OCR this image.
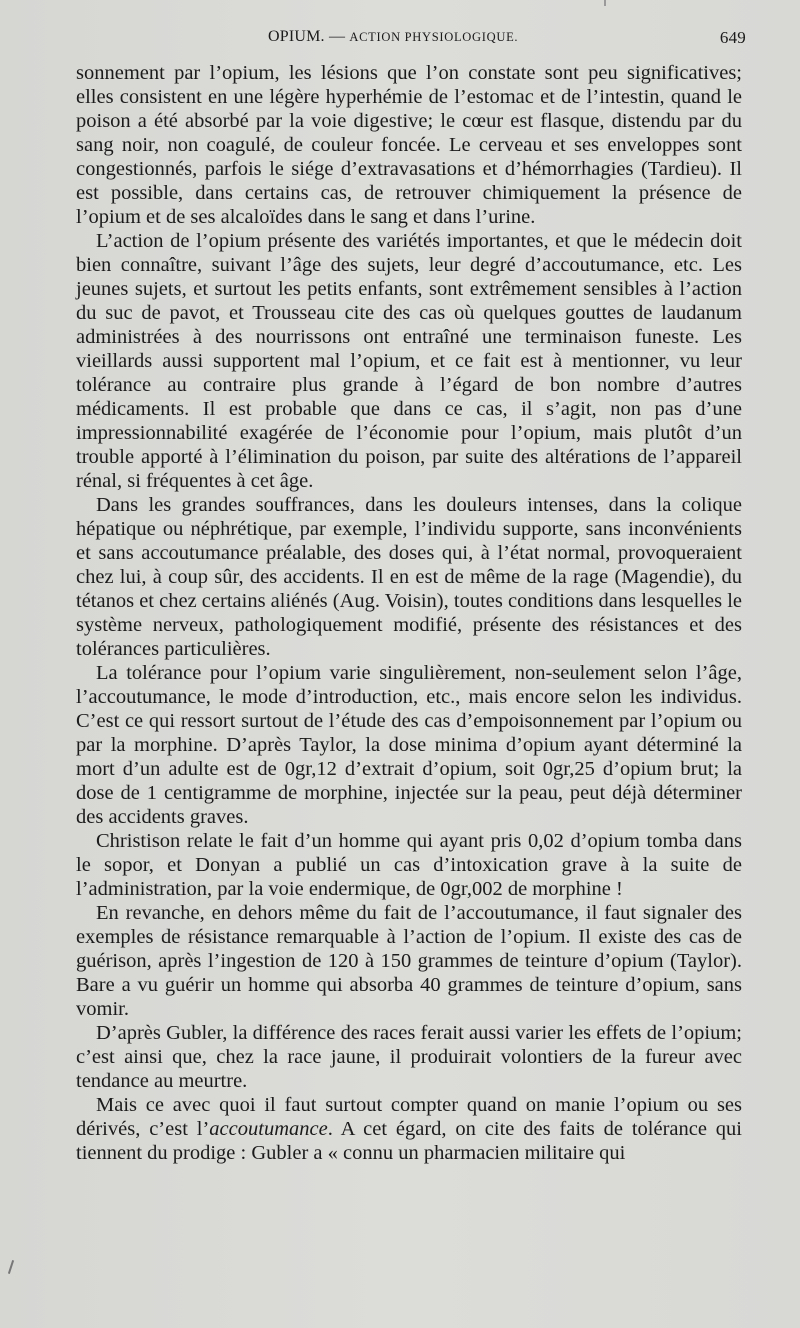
OPIUM. — ACTION PHYSIOLOGIQUE.	649

sonnement par l’opium, les lésions que l’on constate sont peu significatives; elles consistent en une légère hyperhémie de l’estomac et de l’intestin, quand le poison a été absorbé par la voie digestive; le cœur est flasque, distendu par du sang noir, non coagulé, de couleur foncée. Le cerveau et ses enveloppes sont congestionnés, parfois le siége d’extravasations et d’hémorrhagies (Tardieu). Il est possible, dans certains cas, de retrouver chimiquement la présence de l’opium et de ses alcaloïdes dans le sang et dans l’urine.

L’action de l’opium présente des variétés importantes, et que le médecin doit bien connaître, suivant l’âge des sujets, leur degré d’accoutumance, etc. Les jeunes sujets, et surtout les petits enfants, sont extrêmement sensibles à l’action du suc de pavot, et Trousseau cite des cas où quelques gouttes de laudanum administrées à des nourrissons ont entraîné une terminaison funeste. Les vieillards aussi supportent mal l’opium, et ce fait est à mentionner, vu leur tolérance au contraire plus grande à l’égard de bon nombre d’autres médicaments. Il est probable que dans ce cas, il s’agit, non pas d’une impressionnabilité exagérée de l’économie pour l’opium, mais plutôt d’un trouble apporté à l’élimination du poison, par suite des altérations de l’appareil rénal, si fréquentes à cet âge.

Dans les grandes souffrances, dans les douleurs intenses, dans la colique hépatique ou néphrétique, par exemple, l’individu supporte, sans inconvénients et sans accoutumance préalable, des doses qui, à l’état normal, provoqueraient chez lui, à coup sûr, des accidents. Il en est de même de la rage (Magendie), du tétanos et chez certains aliénés (Aug. Voisin), toutes conditions dans lesquelles le système nerveux, pathologiquement modifié, présente des résistances et des tolérances particulières.

La tolérance pour l’opium varie singulièrement, non-seulement selon l’âge, l’accoutumance, le mode d’introduction, etc., mais encore selon les individus. C’est ce qui ressort surtout de l’étude des cas d’empoisonnement par l’opium ou par la morphine. D’après Taylor, la dose minima d’opium ayant déterminé la mort d’un adulte est de 0gr,12 d’extrait d’opium, soit 0gr,25 d’opium brut; la dose de 1 centigramme de morphine, injectée sur la peau, peut déjà déterminer des accidents graves.

Christison relate le fait d’un homme qui ayant pris 0,02 d’opium tomba dans le sopor, et Donyan a publié un cas d’intoxication grave à la suite de l’administration, par la voie endermique, de 0gr,002 de morphine !

En revanche, en dehors même du fait de l’accoutumance, il faut signaler des exemples de résistance remarquable à l’action de l’opium. Il existe des cas de guérison, après l’ingestion de 120 à 150 grammes de teinture d’opium (Taylor). Bare a vu guérir un homme qui absorba 40 grammes de teinture d’opium, sans vomir.

D’après Gubler, la différence des races ferait aussi varier les effets de l’opium; c’est ainsi que, chez la race jaune, il produirait volontiers de la fureur avec tendance au meurtre.

Mais ce avec quoi il faut surtout compter quand on manie l’opium ou ses dérivés, c’est l’accoutumance. A cet égard, on cite des faits de tolérance qui tiennent du prodige : Gubler a « connu un pharmacien militaire qui
